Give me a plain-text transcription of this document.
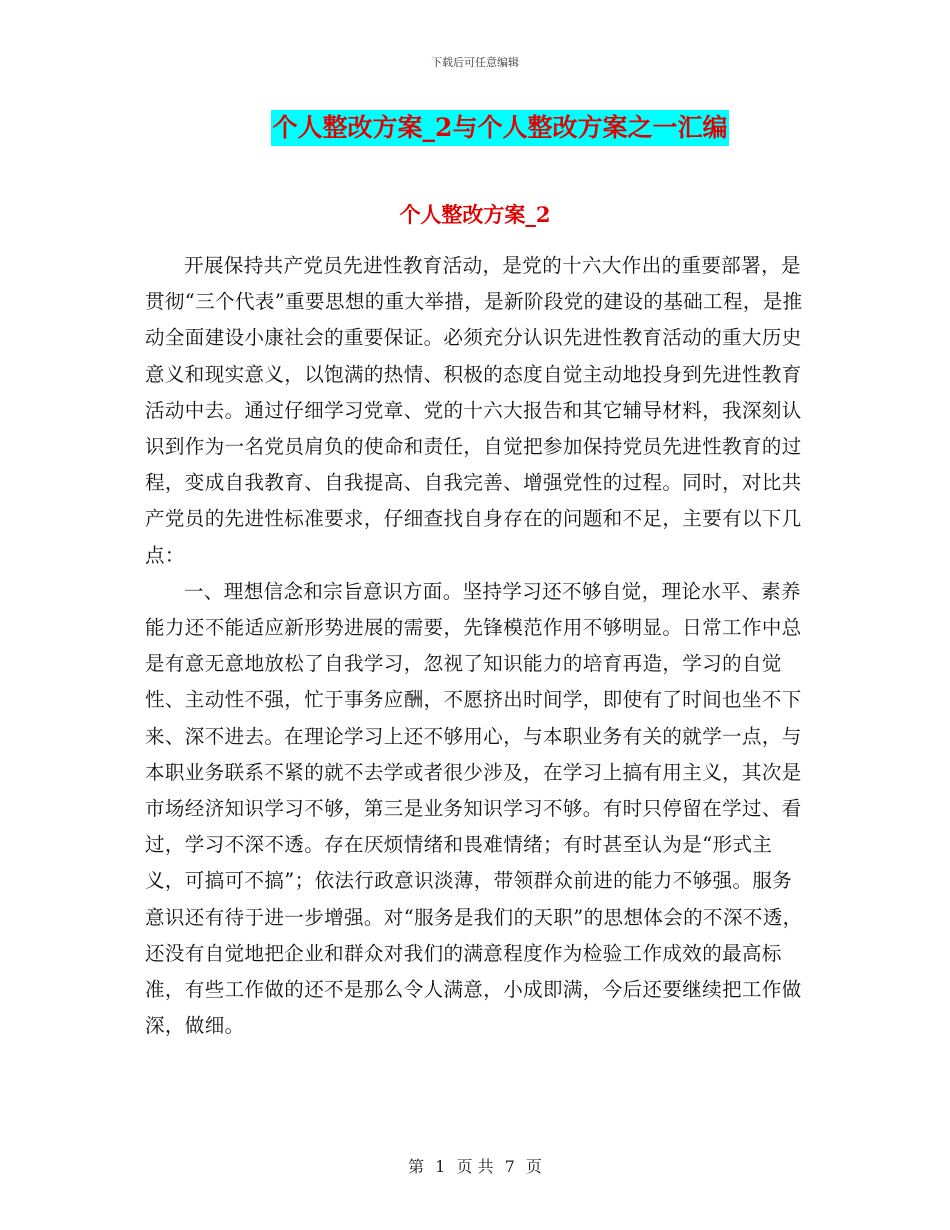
下载后可任意编辑
个人整改方案_2与个人整改方案之一汇编
个人整改方案_2

开展保持共产党员先进性教育活动，是党的十六大作出的重要部署，是贯彻“三个代表”重要思想的重大举措，是新阶段党的建设的基础工程，是推动全面建设小康社会的重要保证。必须充分认识先进性教育活动的重大历史意义和现实意义，以饱满的热情、积极的态度自觉主动地投身到先进性教育活动中去。通过仔细学习党章、党的十六大报告和其它辅导材料，我深刻认识到作为一名党员肩负的使命和责任，自觉把参加保持党员先进性教育的过程，变成自我教育、自我提高、自我完善、增强党性的过程。同时，对比共产党员的先进性标准要求，仔细查找自身存在的问题和不足，主要有以下几点：

一、理想信念和宗旨意识方面。坚持学习还不够自觉，理论水平、素养能力还不能适应新形势进展的需要，先锋模范作用不够明显。日常工作中总是有意无意地放松了自我学习，忽视了知识能力的培育再造，学习的自觉性、主动性不强，忙于事务应酬，不愿挤出时间学，即使有了时间也坐不下来、深不进去。在理论学习上还不够用心，与本职业务有关的就学一点，与本职业务联系不紧的就不去学或者很少涉及，在学习上搞有用主义，其次是市场经济知识学习不够，第三是业务知识学习不够。有时只停留在学过、看过，学习不深不透。存在厌烦情绪和畏难情绪；有时甚至认为是“形式主义，可搞可不搞”；依法行政意识淡薄，带领群众前进的能力不够强。服务意识还有待于进一步增强。对“服务是我们的天职”的思想体会的不深不透，还没有自觉地把企业和群众对我们的满意程度作为检验工作成效的最高标准，有些工作做的还不是那么令人满意，小成即满，今后还要继续把工作做深，做细。

第 1 页 共 7 页
